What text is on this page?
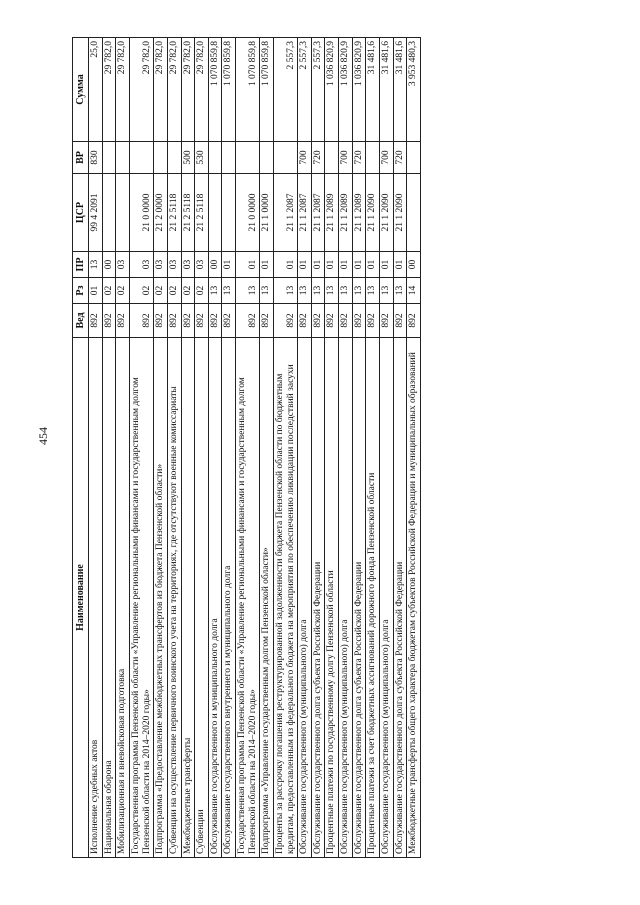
454
Наименование	Вед	Рз	ПР	ЦСР	ВР	Сумма
Исполнение судебных актов	892	01	13	99 4 2091	830	25,0
Национальная оборона	892	02	00			29 782,0
Мобилизационная и вневойсковая подготовка	892	02	03			29 782,0
Государственная программа Пензенской области «Управление региональными финансами и государственным долгом Пензенской области на 2014–2020 годы»	892	02	03	21 0 0000		29 782,0
Подпрограмма «Предоставление межбюджетных трансфертов из бюджета Пензенской области»	892	02	03	21 2 0000		29 782,0
Субвенции на осуществление первичного воинского учета на территориях, где отсутствуют военные комиссариаты	892	02	03	21 2 5118		29 782,0
Межбюджетные трансферты	892	02	03	21 2 5118	500	29 782,0
Субвенции	892	02	03	21 2 5118	530	29 782,0
Обслуживание государственного и муниципального долга	892	13	00			1 070 859,8
Обслуживание государственного внутреннего и муниципального долга	892	13	01			1 070 859,8
Государственная программа Пензенской области «Управление региональными финансами и государственным долгом Пензенской области на 2014–2020 годы»	892	13	01	21 0 0000		1 070 859,8
Подпрограмма «Управление государственным долгом Пензенской области»	892	13	01	21 1 0000		1 070 859,8
Проценты за рассрочку погашения реструктурированной задолженности бюджета Пензенской области по бюджетным кредитам, предоставленным из федерального бюджета на мероприятия по обеспечению ликвидации последствий засухи	892	13	01	21 1 2087		2 557,3
Обслуживание государственного (муниципального) долга	892	13	01	21 1 2087	700	2 557,3
Обслуживание государственного долга субъекта Российской Федерации	892	13	01	21 1 2087	720	2 557,3
Процентные платежи по государственному долгу Пензенской области	892	13	01	21 1 2089		1 036 820,9
Обслуживание государственного (муниципального) долга	892	13	01	21 1 2089	700	1 036 820,9
Обслуживание государственного долга субъекта Российской Федерации	892	13	01	21 1 2089	720	1 036 820,9
Процентные платежи за счет бюджетных ассигнований дорожного фонда Пензенской области	892	13	01	21 1 2090		31 481,6
Обслуживание государственного (муниципального) долга	892	13	01	21 1 2090	700	31 481,6
Обслуживание государственного долга субъекта Российской Федерации	892	13	01	21 1 2090	720	31 481,6
Межбюджетные трансферты общего характера бюджетам субъектов Российской Федерации и муниципальных образований	892	14	00			3 953 480,3
